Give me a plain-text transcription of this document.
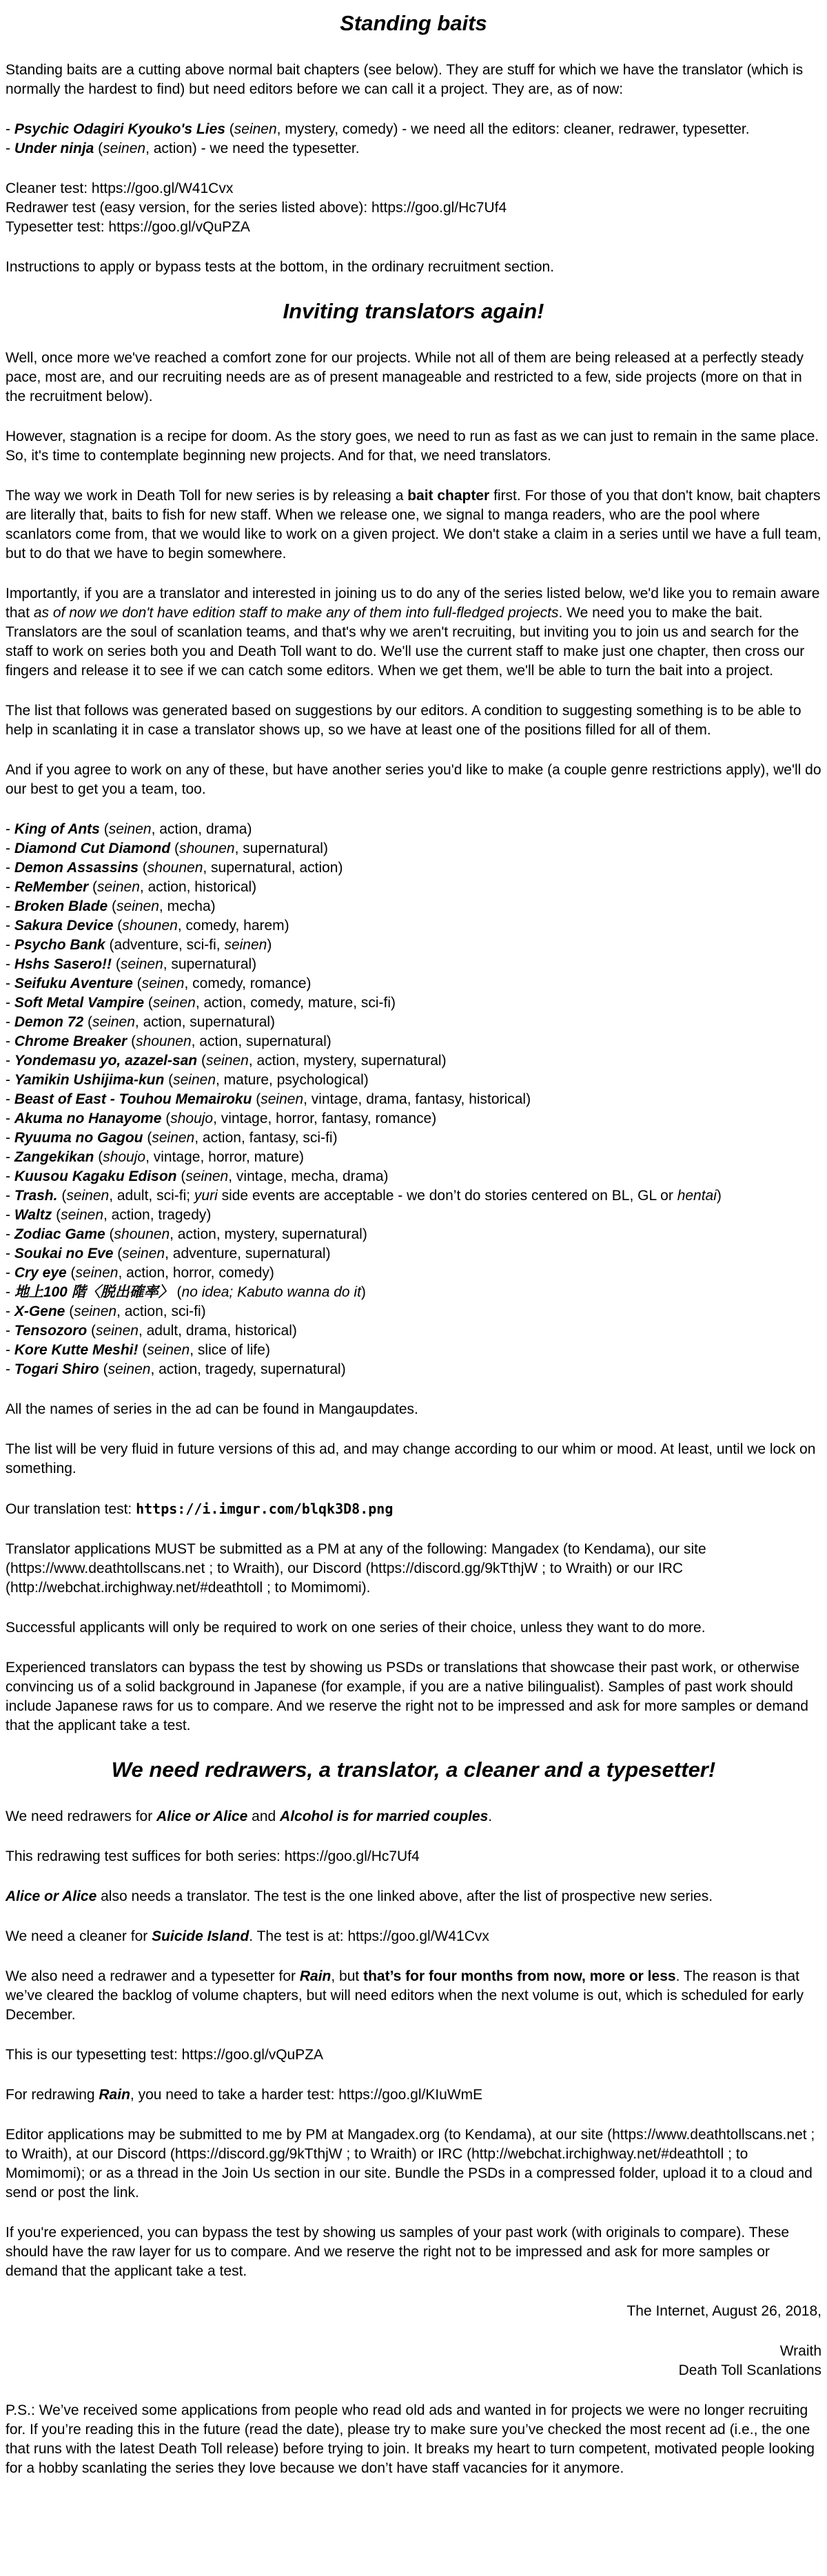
Standing baits

Standing baits are a cutting above normal bait chapters (see below). They are stuff for which we have the translator (which is normally the hardest to find) but need editors before we can call it a project. They are, as of now:

- Psychic Odagiri Kyouko's Lies (seinen, mystery, comedy) - we need all the editors: cleaner, redrawer, typesetter.
- Under ninja (seinen, action) - we need the typesetter.
Cleaner test: https://goo.gl/W41Cvx
Redrawer test (easy version, for the series listed above): https://goo.gl/Hc7Uf4
Typesetter test: https://goo.gl/vQuPZA

Instructions to apply or bypass tests at the bottom, in the ordinary recruitment section.

Inviting translators again!

Well, once more we've reached a comfort zone for our projects. While not all of them are being released at a perfectly steady pace, most are, and our recruiting needs are as of present manageable and restricted to a few, side projects (more on that in the recruitment below).

However, stagnation is a recipe for doom. As the story goes, we need to run as fast as we can just to remain in the same place. So, it's time to contemplate beginning new projects. And for that, we need translators.

The way we work in Death Toll for new series is by releasing a bait chapter first. For those of you that don't know, bait chapters are literally that, baits to fish for new staff. When we release one, we signal to manga readers, who are the pool where scanlators come from, that we would like to work on a given project. We don't stake a claim in a series until we have a full team, but to do that we have to begin somewhere.

Importantly, if you are a translator and interested in joining us to do any of the series listed below, we'd like you to remain aware that as of now we don't have edition staff to make any of them into full-fledged projects. We need you to make the bait. Translators are the soul of scanlation teams, and that's why we aren't recruiting, but inviting you to join us and search for the staff to work on series both you and Death Toll want to do. We'll use the current staff to make just one chapter, then cross our fingers and release it to see if we can catch some editors. When we get them, we'll be able to turn the bait into a project.

The list that follows was generated based on suggestions by our editors. A condition to suggesting something is to be able to help in scanlating it in case a translator shows up, so we have at least one of the positions filled for all of them.

And if you agree to work on any of these, but have another series you'd like to make (a couple genre restrictions apply), we'll do our best to get you a team, too.

- King of Ants (seinen, action, drama)
- Diamond Cut Diamond (shounen, supernatural)
- Demon Assassins (shounen, supernatural, action)
- ReMember (seinen, action, historical)
- Broken Blade (seinen, mecha)
- Sakura Device (shounen, comedy, harem)
- Psycho Bank (adventure, sci-fi, seinen)
- Hshs Sasero!! (seinen, supernatural)
- Seifuku Aventure (seinen, comedy, romance)
- Soft Metal Vampire (seinen, action, comedy, mature, sci-fi)
- Demon 72 (seinen, action, supernatural)
- Chrome Breaker (shounen, action, supernatural)
- Yondemasu yo, azazel-san (seinen, action, mystery, supernatural)
- Yamikin Ushijima-kun (seinen, mature, psychological)
- Beast of East - Touhou Memairoku (seinen, vintage, drama, fantasy, historical)
- Akuma no Hanayome (shoujo, vintage, horror, fantasy, romance)
- Ryuuma no Gagou (seinen, action, fantasy, sci-fi)
- Zangekikan (shoujo, vintage, horror, mature)
- Kuusou Kagaku Edison (seinen, vintage, mecha, drama)
- Trash. (seinen, adult, sci-fi; yuri side events are acceptable - we don’t do stories centered on BL, GL or hentai)
- Waltz (seinen, action, tragedy)
- Zodiac Game (shounen, action, mystery, supernatural)
- Soukai no Eve (seinen, adventure, supernatural)
- Cry eye (seinen, action, horror, comedy)
- 地上100 階〈脱出確率〉 (no idea; Kabuto wanna do it)
- X-Gene (seinen, action, sci-fi)
- Tensozoro (seinen, adult, drama, historical)
- Kore Kutte Meshi! (seinen, slice of life)
- Togari Shiro (seinen, action, tragedy, supernatural)

All the names of series in the ad can be found in Mangaupdates.

The list will be very fluid in future versions of this ad, and may change according to our whim or mood. At least, until we lock on something.

Our translation test: https://i.imgur.com/blqk3D8.png

Translator applications MUST be submitted as a PM at any of the following: Mangadex (to Kendama), our site (https://www.deathtollscans.net ; to Wraith), our Discord (https://discord.gg/9kTthjW ; to Wraith) or our IRC (http://webchat.irchighway.net/#deathtoll ; to Momimomi).

Successful applicants will only be required to work on one series of their choice, unless they want to do more.

Experienced translators can bypass the test by showing us PSDs or translations that showcase their past work, or otherwise convincing us of a solid background in Japanese (for example, if you are a native bilingualist). Samples of past work should include Japanese raws for us to compare. And we reserve the right not to be impressed and ask for more samples or demand that the applicant take a test.

We need redrawers, a translator, a cleaner and a typesetter!

We need redrawers for Alice or Alice and Alcohol is for married couples.

This redrawing test suffices for both series: https://goo.gl/Hc7Uf4

Alice or Alice also needs a translator. The test is the one linked above, after the list of prospective new series.

We need a cleaner for Suicide Island. The test is at: https://goo.gl/W41Cvx

We also need a redrawer and a typesetter for Rain, but that’s for four months from now, more or less. The reason is that we’ve cleared the backlog of volume chapters, but will need editors when the next volume is out, which is scheduled for early December.

This is our typesetting test: https://goo.gl/vQuPZA

For redrawing Rain, you need to take a harder test: https://goo.gl/KIuWmE

Editor applications may be submitted to me by PM at Mangadex.org (to Kendama), at our site (https://www.deathtollscans.net ; to Wraith), at our Discord (https://discord.gg/9kTthjW ; to Wraith) or IRC (http://webchat.irchighway.net/#deathtoll ; to Momimomi); or as a thread in the Join Us section in our site. Bundle the PSDs in a compressed folder, upload it to a cloud and send or post the link.

If you're experienced, you can bypass the test by showing us samples of your past work (with originals to compare). These should have the raw layer for us to compare. And we reserve the right not to be impressed and ask for more samples or demand that the applicant take a test.

The Internet, August 26, 2018,

Wraith
Death Toll Scanlations

P.S.: We’ve received some applications from people who read old ads and wanted in for projects we were no longer recruiting for. If you’re reading this in the future (read the date), please try to make sure you’ve checked the most recent ad (i.e., the one that runs with the latest Death Toll release) before trying to join. It breaks my heart to turn competent, motivated people looking for a hobby scanlating the series they love because we don’t have staff vacancies for it anymore.
